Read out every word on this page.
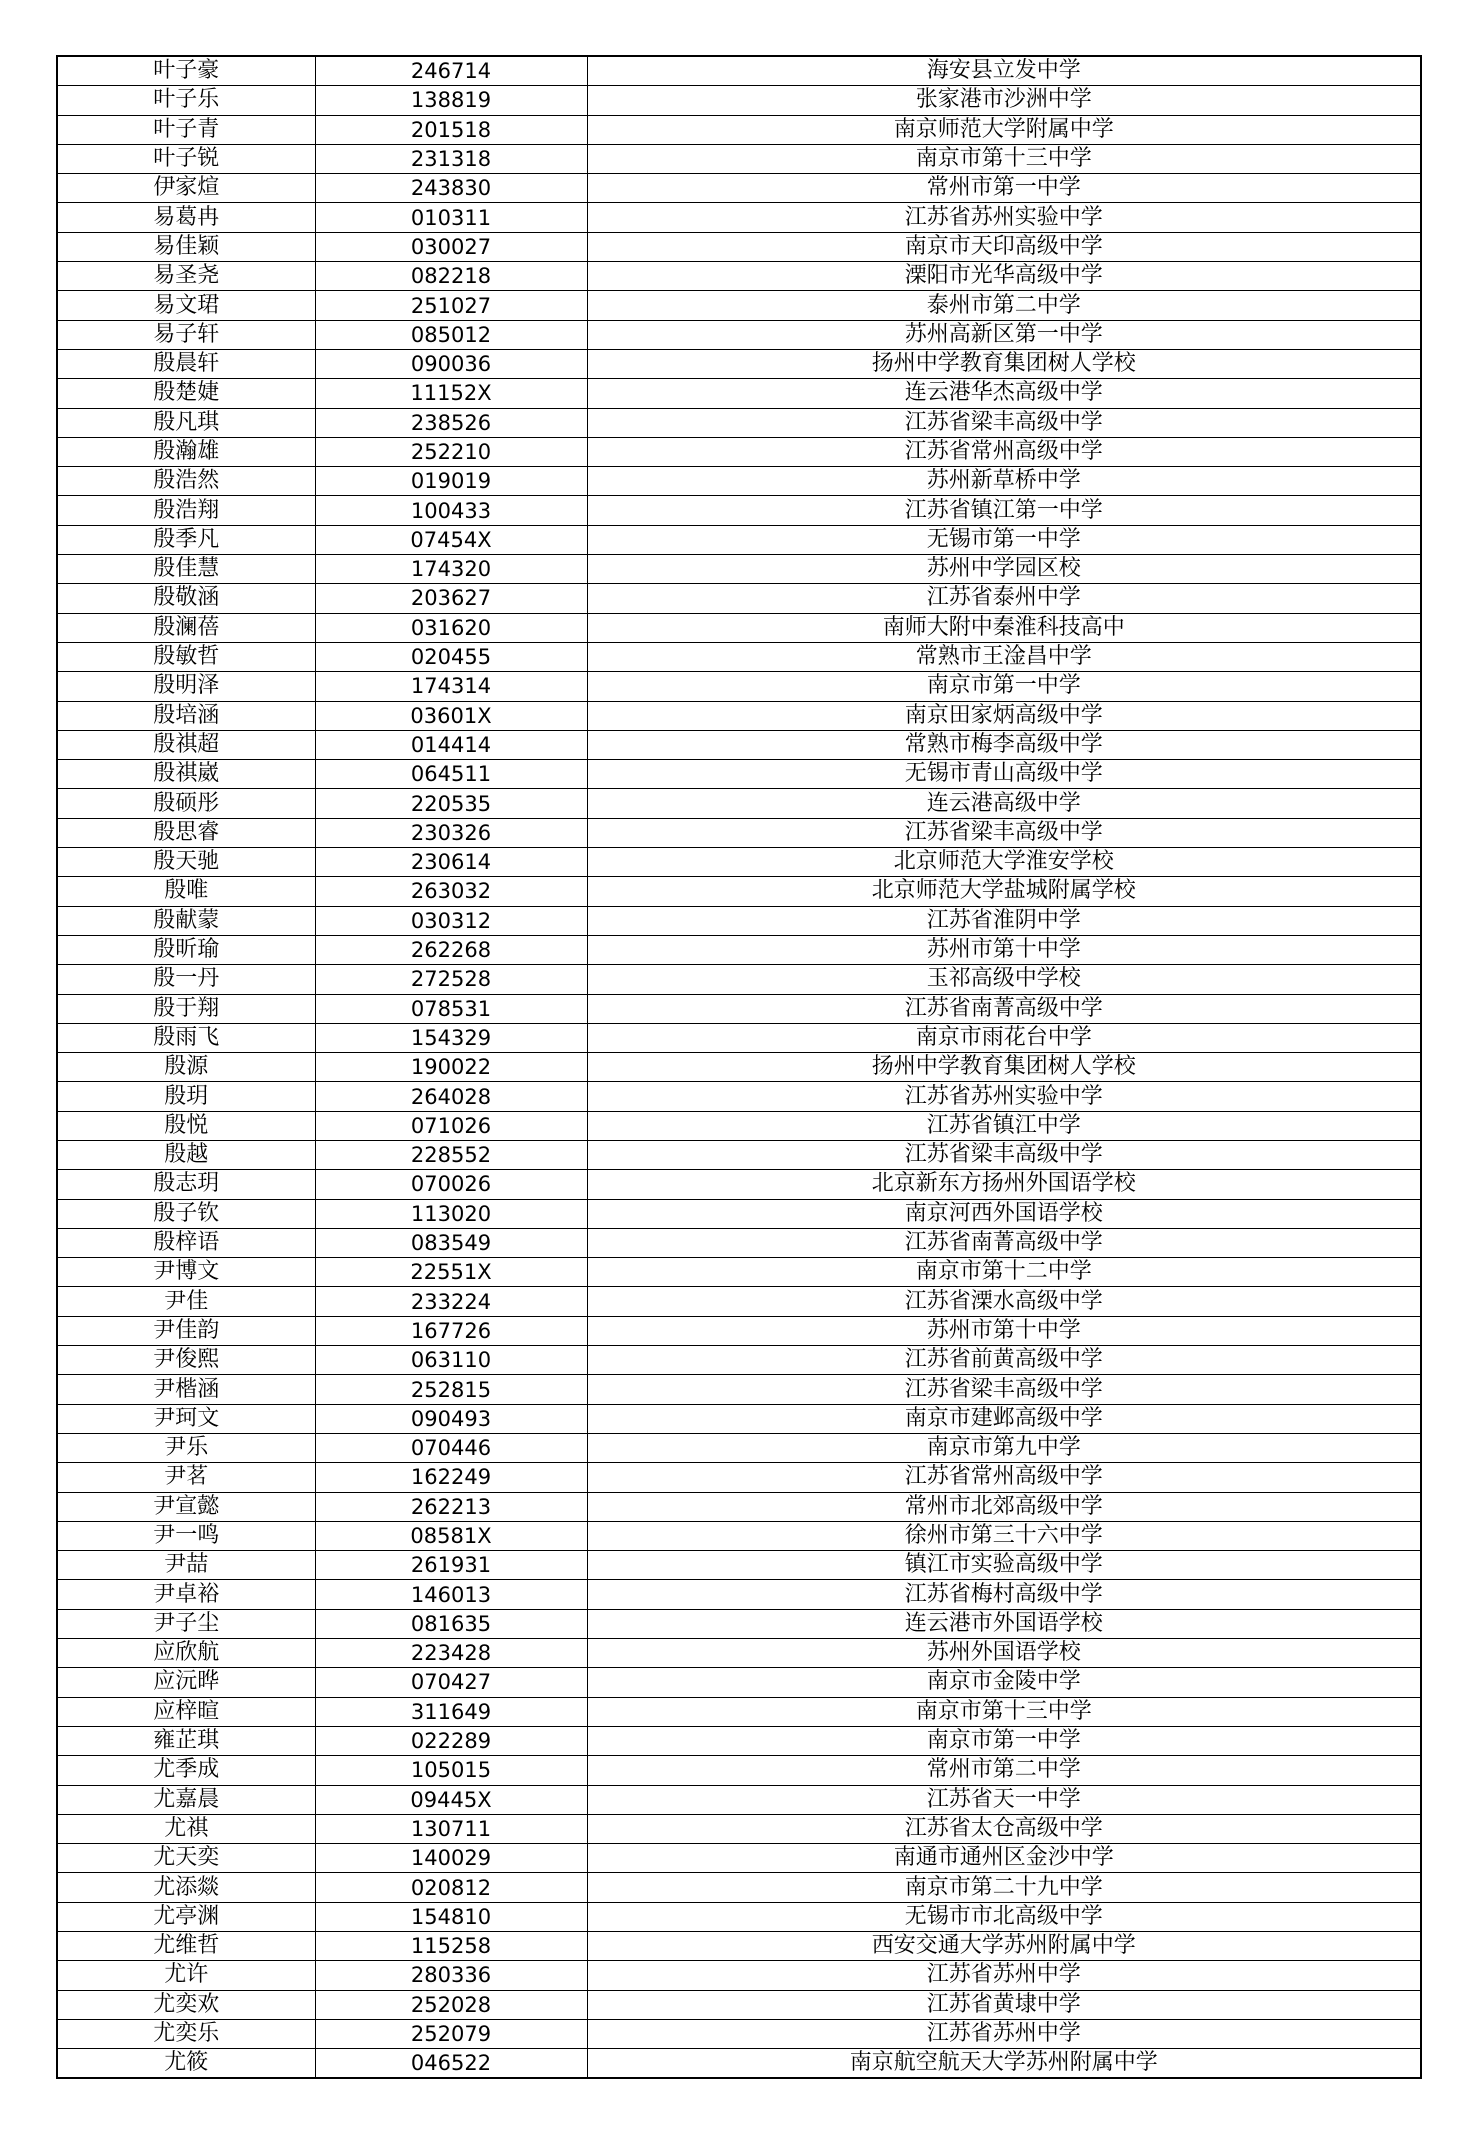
叶子豪	246714	海安县立发中学
叶子乐	138819	张家港市沙洲中学
叶子青	201518	南京师范大学附属中学
叶子锐	231318	南京市第十三中学
伊家煊	243830	常州市第一中学
易葛冉	010311	江苏省苏州实验中学
易佳颖	030027	南京市天印高级中学
易圣尧	082218	溧阳市光华高级中学
易文珺	251027	泰州市第二中学
易子轩	085012	苏州高新区第一中学
殷晨轩	090036	扬州中学教育集团树人学校
殷楚婕	11152X	连云港华杰高级中学
殷凡琪	238526	江苏省梁丰高级中学
殷瀚雄	252210	江苏省常州高级中学
殷浩然	019019	苏州新草桥中学
殷浩翔	100433	江苏省镇江第一中学
殷季凡	07454X	无锡市第一中学
殷佳慧	174320	苏州中学园区校
殷敬涵	203627	江苏省泰州中学
殷澜蓓	031620	南师大附中秦淮科技高中
殷敏哲	020455	常熟市王淦昌中学
殷明泽	174314	南京市第一中学
殷培涵	03601X	南京田家炳高级中学
殷祺超	014414	常熟市梅李高级中学
殷祺崴	064511	无锡市青山高级中学
殷硕彤	220535	连云港高级中学
殷思睿	230326	江苏省梁丰高级中学
殷天驰	230614	北京师范大学淮安学校
殷唯	263032	北京师范大学盐城附属学校
殷献蒙	030312	江苏省淮阴中学
殷昕瑜	262268	苏州市第十中学
殷一丹	272528	玉祁高级中学校
殷于翔	078531	江苏省南菁高级中学
殷雨飞	154329	南京市雨花台中学
殷源	190022	扬州中学教育集团树人学校
殷玥	264028	江苏省苏州实验中学
殷悦	071026	江苏省镇江中学
殷越	228552	江苏省梁丰高级中学
殷志玥	070026	北京新东方扬州外国语学校
殷子钦	113020	南京河西外国语学校
殷梓语	083549	江苏省南菁高级中学
尹博文	22551X	南京市第十二中学
尹佳	233224	江苏省溧水高级中学
尹佳韵	167726	苏州市第十中学
尹俊熙	063110	江苏省前黄高级中学
尹楷涵	252815	江苏省梁丰高级中学
尹珂文	090493	南京市建邺高级中学
尹乐	070446	南京市第九中学
尹茗	162249	江苏省常州高级中学
尹宣懿	262213	常州市北郊高级中学
尹一鸣	08581X	徐州市第三十六中学
尹喆	261931	镇江市实验高级中学
尹卓裕	146013	江苏省梅村高级中学
尹子尘	081635	连云港市外国语学校
应欣航	223428	苏州外国语学校
应沅晔	070427	南京市金陵中学
应梓暄	311649	南京市第十三中学
雍芷琪	022289	南京市第一中学
尤季成	105015	常州市第二中学
尤嘉晨	09445X	江苏省天一中学
尤祺	130711	江苏省太仓高级中学
尤天奕	140029	南通市通州区金沙中学
尤添燚	020812	南京市第二十九中学
尤亭渊	154810	无锡市市北高级中学
尤维哲	115258	西安交通大学苏州附属中学
尤许	280336	江苏省苏州中学
尤奕欢	252028	江苏省黄埭中学
尤奕乐	252079	江苏省苏州中学
尤筱	046522	南京航空航天大学苏州附属中学
